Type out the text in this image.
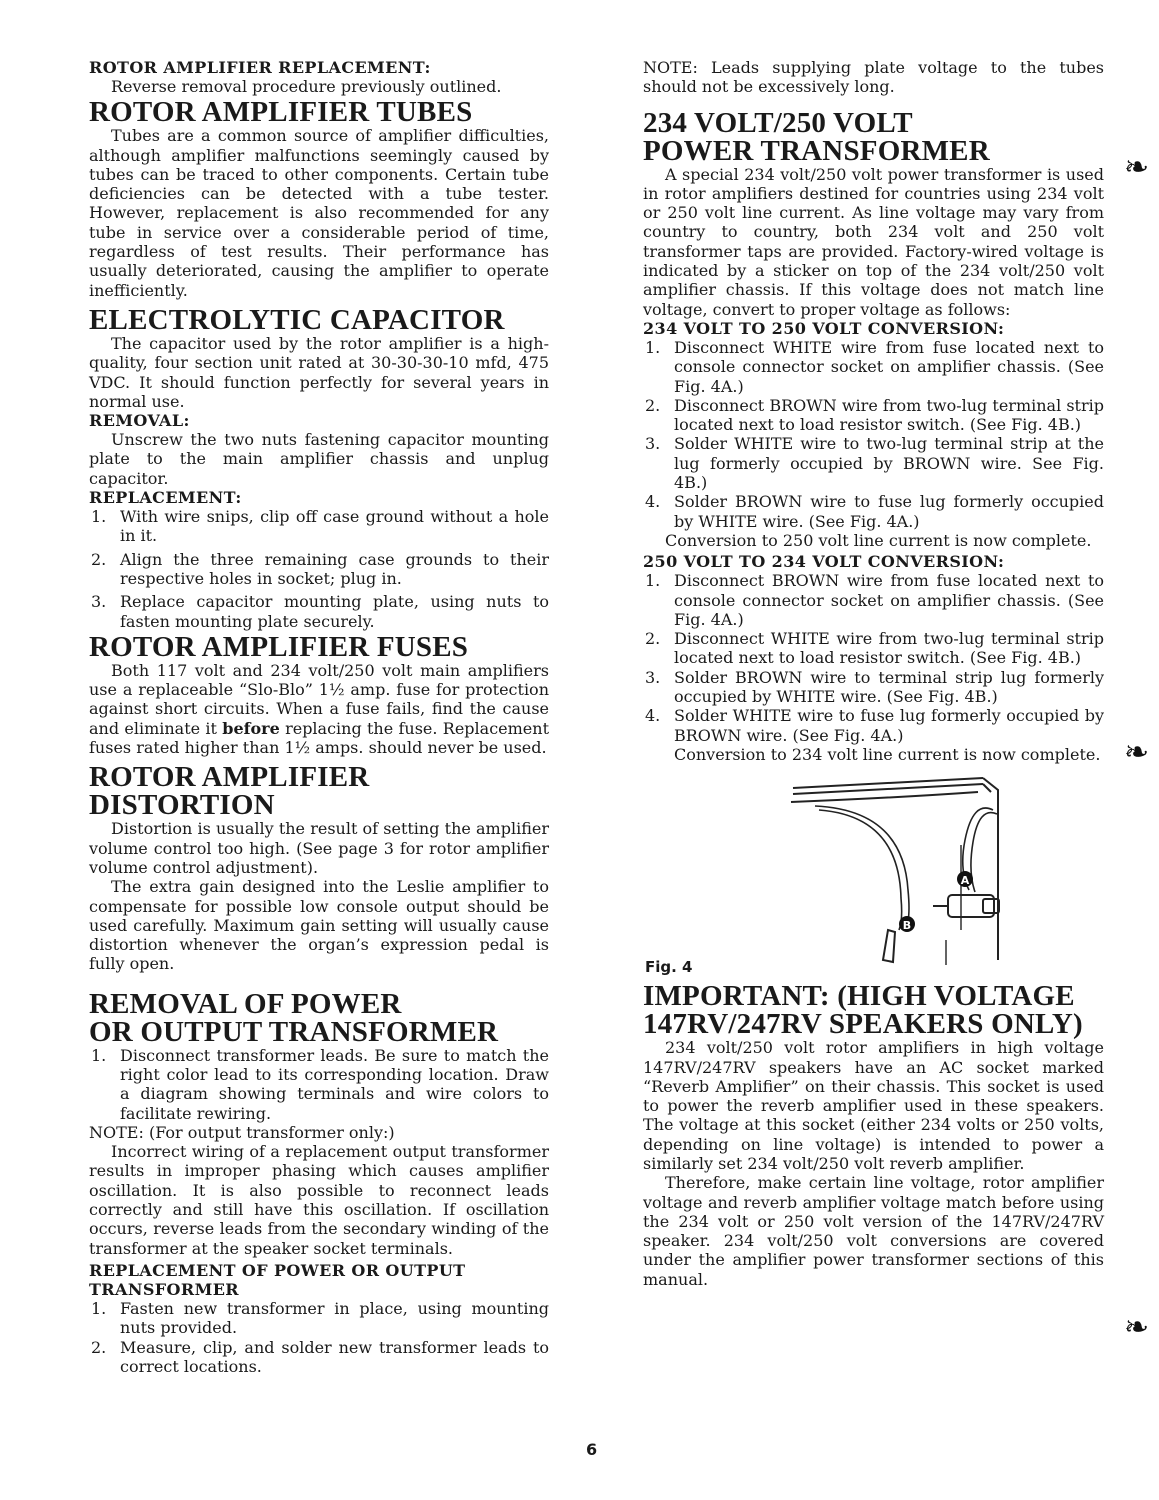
ROTOR AMPLIFIER REPLACEMENT:

Reverse removal procedure previously outlined.

ROTOR AMPLIFIER TUBES

Tubes are a common source of amplifier difficulties, although amplifier malfunctions seemingly caused by tubes can be traced to other components. Certain tube deficiencies can be detected with a tube tester. However, replacement is also recommended for any tube in service over a considerable period of time, regardless of test results. Their performance has usually deteriorated, causing the amplifier to operate inefficiently.

ELECTROLYTIC CAPACITOR

The capacitor used by the rotor amplifier is a high-quality, four section unit rated at 30-30-30-10 mfd, 475 VDC. It should function perfectly for several years in normal use.

REMOVAL:

Unscrew the two nuts fastening capacitor mounting plate to the main amplifier chassis and unplug capacitor.

REPLACEMENT:

1. With wire snips, clip off case ground without a hole in it.
2. Align the three remaining case grounds to their respective holes in socket; plug in.
3. Replace capacitor mounting plate, using nuts to fasten mounting plate securely.
ROTOR AMPLIFIER FUSES

Both 117 volt and 234 volt/250 volt main amplifiers use a replaceable “Slo-Blo” 1½ amp. fuse for protection against short circuits. When a fuse fails, find the cause and eliminate it before replacing the fuse. Replacement fuses rated higher than 1½ amps. should never be used.

ROTOR AMPLIFIER DISTORTION

Distortion is usually the result of setting the amplifier volume control too high. (See page 3 for rotor amplifier volume control adjustment).

The extra gain designed into the Leslie amplifier to compensate for possible low console output should be used carefully. Maximum gain setting will usually cause distortion whenever the organ’s expression pedal is fully open.

REMOVAL OF POWER
OR OUTPUT TRANSFORMER
1. Disconnect transformer leads. Be sure to match the right color lead to its corresponding location. Draw a diagram showing terminals and wire colors to facilitate rewiring.

NOTE: (For output transformer only:)

Incorrect wiring of a replacement output transformer results in improper phasing which causes amplifier oscillation. It is also possible to reconnect leads correctly and still have this oscillation. If oscillation occurs, reverse leads from the secondary winding of the transformer at the speaker socket terminals.

REPLACEMENT OF POWER OR OUTPUT TRANSFORMER

1. Fasten new transformer in place, using mounting nuts provided.
2. Measure, clip, and solder new transformer leads to correct locations.

NOTE: Leads supplying plate voltage to the tubes should not be excessively long.

234 VOLT/250 VOLT
POWER TRANSFORMER

A special 234 volt/250 volt power transformer is used in rotor amplifiers destined for countries using 234 volt or 250 volt line current. As line voltage may vary from country to country, both 234 volt and 250 volt transformer taps are provided. Factory-wired voltage is indicated by a sticker on top of the 234 volt/250 volt amplifier chassis. If this voltage does not match line voltage, convert to proper voltage as follows:

234 VOLT TO 250 VOLT CONVERSION:

1. Disconnect WHITE wire from fuse located next to console connector socket on amplifier chassis. (See Fig. 4A.)
2. Disconnect BROWN wire from two-lug terminal strip located next to load resistor switch. (See Fig. 4B.)
3. Solder WHITE wire to two-lug terminal strip at the lug formerly occupied by BROWN wire. See Fig. 4B.)
4. Solder BROWN wire to fuse lug formerly occupied by WHITE wire. (See Fig. 4A.)

Conversion to 250 volt line current is now complete.

250 VOLT TO 234 VOLT CONVERSION:

1. Disconnect BROWN wire from fuse located next to console connector socket on amplifier chassis. (See Fig. 4A.)
2. Disconnect WHITE wire from two-lug terminal strip located next to load resistor switch. (See Fig. 4B.)
3. Solder BROWN wire to terminal strip lug formerly occupied by WHITE wire. (See Fig. 4B.)
4. Solder WHITE wire to fuse lug formerly occupied by BROWN wire. (See Fig. 4A.)
Conversion to 234 volt line current is now complete.
A
B
Fig. 4
IMPORTANT: (HIGH VOLTAGE
147RV/247RV SPEAKERS ONLY)

234 volt/250 volt rotor amplifiers in high voltage 147RV/247RV speakers have an AC socket marked “Reverb Amplifier” on their chassis. This socket is used to power the reverb amplifier used in these speakers. The voltage at this socket (either 234 volts or 250 volts, depending on line voltage) is intended to power a similarly set 234 volt/250 volt reverb amplifier.

Therefore, make certain line voltage, rotor amplifier voltage and reverb amplifier voltage match before using the 234 volt or 250 volt version of the 147RV/247RV speaker. 234 volt/250 volt conversions are covered under the amplifier power transformer sections of this manual.

❧
❧
❧
6
